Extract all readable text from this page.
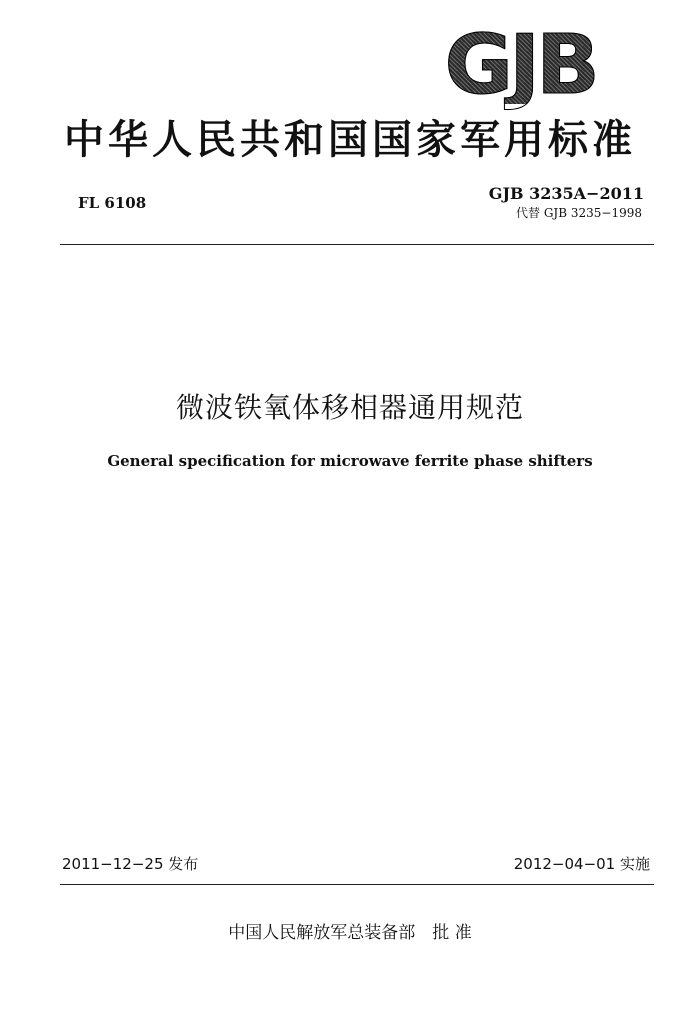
GJB
中华人民共和国国家军用标准
FL 6108	GJB 3235A−2011
代替 GJB 3235−1998
微波铁氧体移相器通用规范
General specification for microwave ferrite phase shifters
2011−12−25 发布	2012−04−01 实施
中国人民解放军总装备部　批 准
